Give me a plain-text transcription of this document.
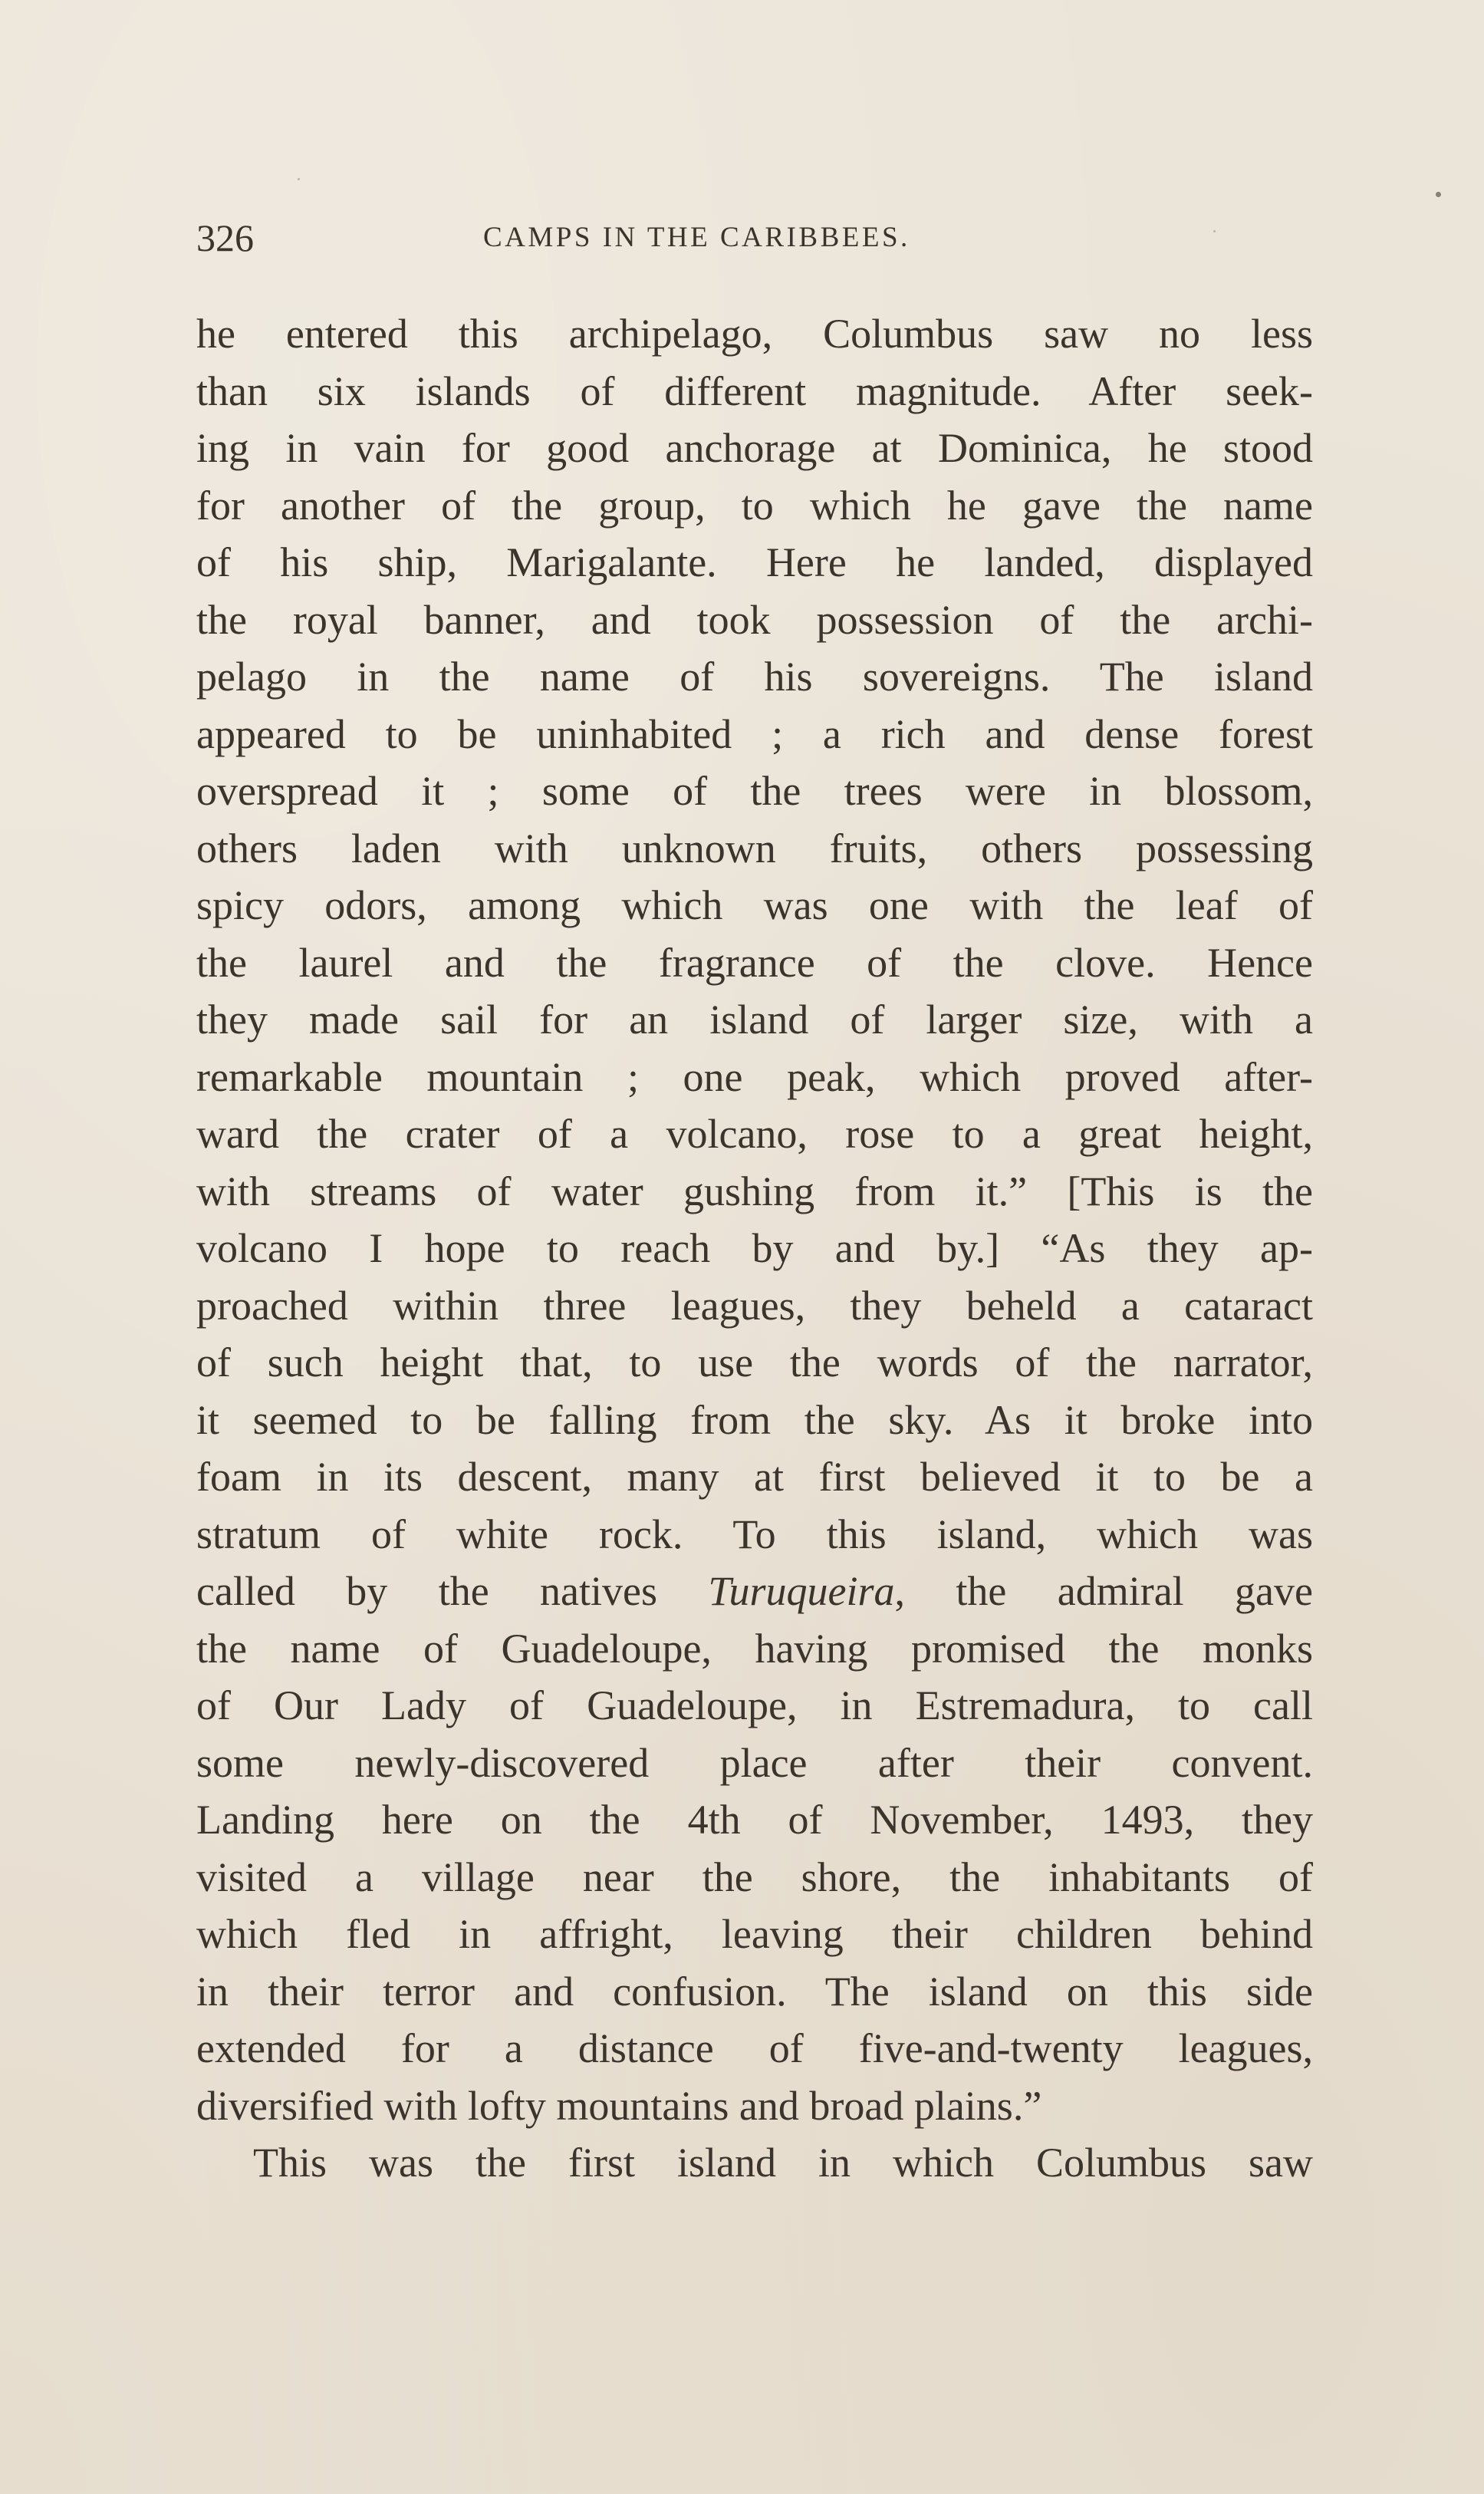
326	CAMPS IN THE CARIBBEES.
he entered this archipelago, Columbus saw no less
than six islands of different magnitude. After seek-
ing in vain for good anchorage at Dominica, he stood
for another of the group, to which he gave the name
of his ship, Marigalante. Here he landed, displayed
the royal banner, and took possession of the archi-
pelago in the name of his sovereigns. The island
appeared to be uninhabited ; a rich and dense forest
overspread it ; some of the trees were in blossom,
others laden with unknown fruits, others possessing
spicy odors, among which was one with the leaf of
the laurel and the fragrance of the clove. Hence
they made sail for an island of larger size, with a
remarkable mountain ; one peak, which proved after-
ward the crater of a volcano, rose to a great height,
with streams of water gushing from it.” [This is the
volcano I hope to reach by and by.] “As they ap-
proached within three leagues, they beheld a cataract
of such height that, to use the words of the narrator,
it seemed to be falling from the sky. As it broke into
foam in its descent, many at first believed it to be a
stratum of white rock. To this island, which was
called by the natives Turuqueira, the admiral gave
the name of Guadeloupe, having promised the monks
of Our Lady of Guadeloupe, in Estremadura, to call
some newly-discovered place after their convent.
Landing here on the 4th of November, 1493, they
visited a village near the shore, the inhabitants of
which fled in affright, leaving their children behind
in their terror and confusion. The island on this side
extended for a distance of five-and-twenty leagues,
diversified with lofty mountains and broad plains.”
This was the first island in which Columbus saw
